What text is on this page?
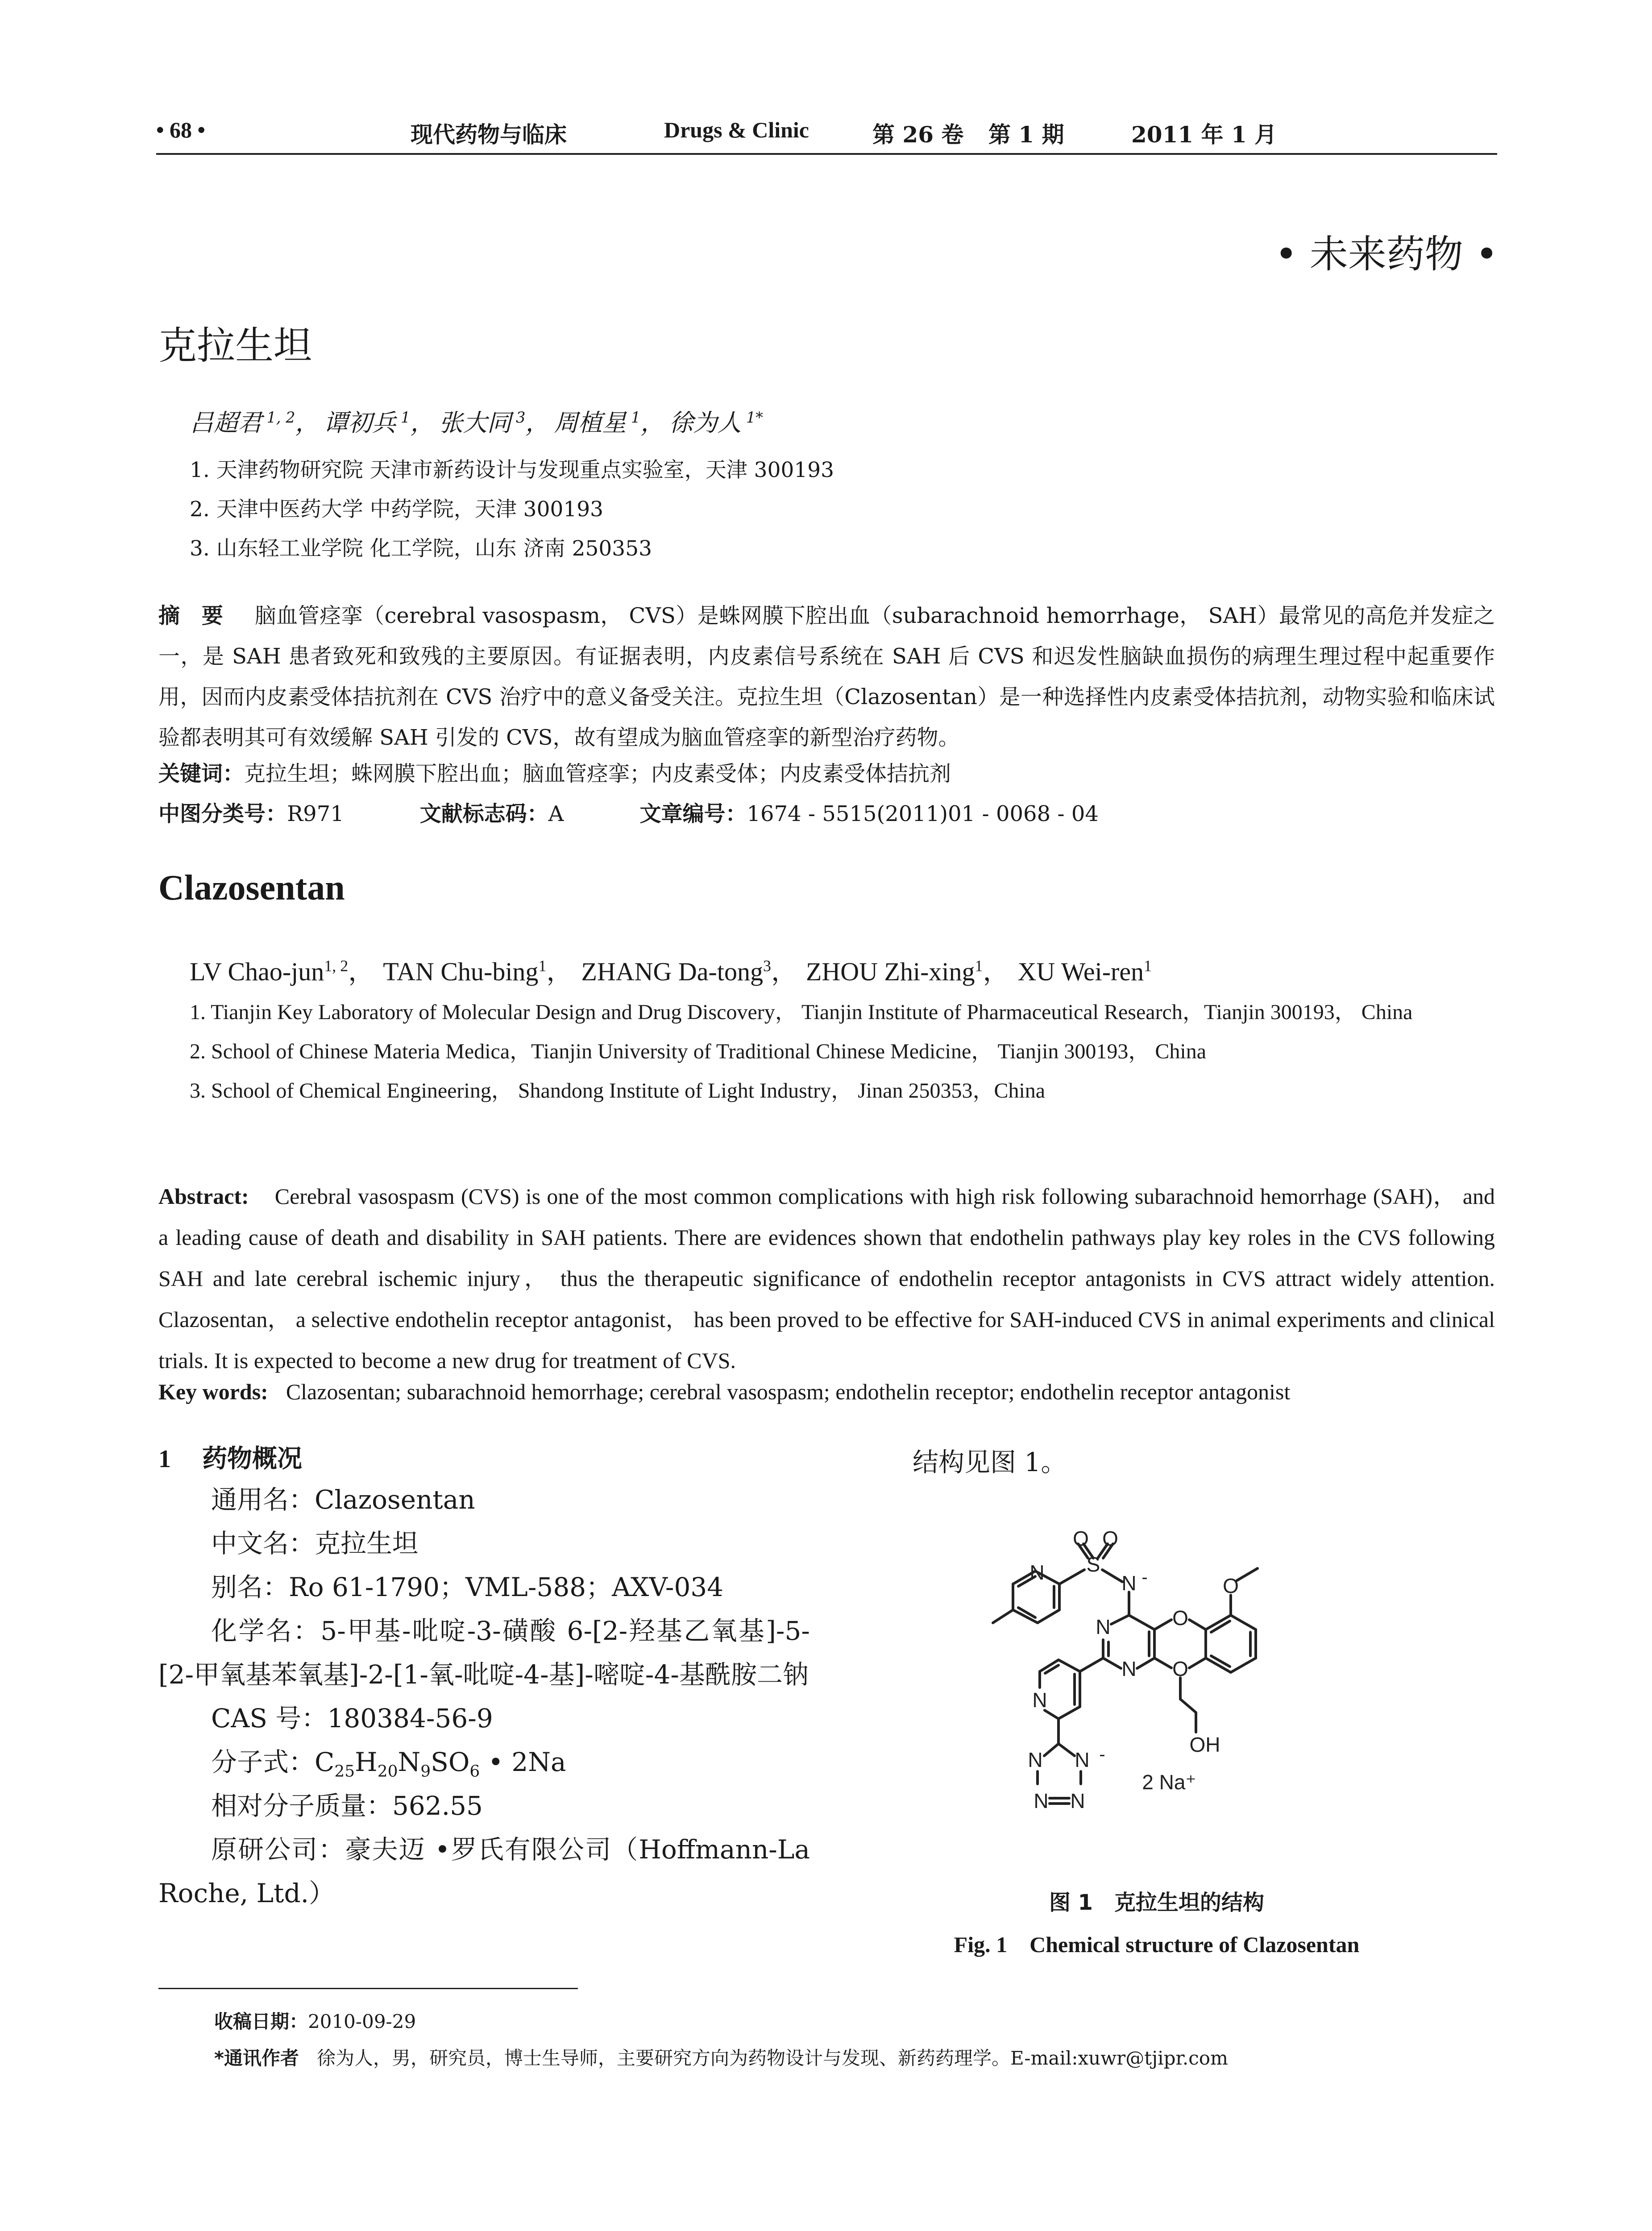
• 68 •	现代药物与临床	Drugs & Clinic	第 26 卷 第 1 期	2011 年 1 月
• 未来药物 •
克拉生坦
吕超君 $^{1, 2}$， 谭初兵 $^1$， 张大同 $^3$， 周植星 $^1$， 徐为人 $^{1*}$
1. 天津药物研究院 天津市新药设计与发现重点实验室，天津 300193
2. 天津中医药大学 中药学院，天津 300193
3. 山东轻工业学院 化工学院，山东 济南 250353
摘　要 脑血管痉挛（cerebral vasospasm， CVS）是蛛网膜下腔出血（subarachnoid hemorrhage， SAH）最常见的高危并发症之一，是 SAH 患者致死和致残的主要原因。有证据表明，内皮素信号系统在 SAH 后 CVS 和迟发性脑缺血损伤的病理生理过程中起重要作用，因而内皮素受体拮抗剂在 CVS 治疗中的意义备受关注。克拉生坦（Clazosentan）是一种选择性内皮素受体拮抗剂，动物实验和临床试验都表明其可有效缓解 SAH 引发的 CVS，故有望成为脑血管痉挛的新型治疗药物。
关键词：克拉生坦；蛛网膜下腔出血；脑血管痉挛；内皮素受体；内皮素受体拮抗剂
中图分类号：R971	文献标志码：A	文章编号：1674 - 5515(2011)01 - 0068 - 04
Clazosentan
LV Chao-jun$^{1, 2}$， TAN Chu-bing$^1$， ZHANG Da-tong$^3$， ZHOU Zhi-xing$^1$， XU Wei-ren$^1$
1. Tianjin Key Laboratory of Molecular Design and Drug Discovery， Tianjin Institute of Pharmaceutical Research，Tianjin 300193， China
2. School of Chinese Materia Medica，Tianjin University of Traditional Chinese Medicine， Tianjin 300193， China
3. School of Chemical Engineering， Shandong Institute of Light Industry， Jinan 250353，China
Abstract: Cerebral vasospasm (CVS) is one of the most common complications with high risk following subarachnoid hemorrhage (SAH)， and a leading cause of death and disability in SAH patients. There are evidences shown that endothelin pathways play key roles in the CVS following SAH and late cerebral ischemic injury， thus the therapeutic significance of endothelin receptor antagonists in CVS attract widely attention. Clazosentan， a selective endothelin receptor antagonist， has been proved to be effective for SAH-induced CVS in animal experiments and clinical trials. It is expected to become a new drug for treatment of CVS.
Key words: Clazosentan; subarachnoid hemorrhage; cerebral vasospasm; endothelin receptor; endothelin receptor antagonist
1 药物概况
通用名：Clazosentan
中文名：克拉生坦
别名：Ro 61-1790；VML-588；AXV-034
化学名：5-甲基-吡啶-3-磺酸 6-[2-羟基乙氧基]-5-[2-甲氧基苯氧基]-2-[1-氧-吡啶-4-基]-嘧啶-4-基酰胺二钠
CAS 号：180384-56-9
分子式：$C_{25}H_{20}N_9SO_6$ • 2Na
相对分子质量：562.55
原研公司：豪夫迈 •罗氏有限公司（Hoffmann-La Roche, Ltd.）
结构见图 1。
O O
S
N -
N
N
N
O
O
O
N
OH
N N
N N
-
2 Na⁺
图 1　克拉生坦的结构
Fig. 1　Chemical structure of Clazosentan
收稿日期：2010-09-29
*通讯作者 徐为人，男，研究员，博士生导师，主要研究方向为药物设计与发现、新药药理学。E-mail:xuwr@tjipr.com
